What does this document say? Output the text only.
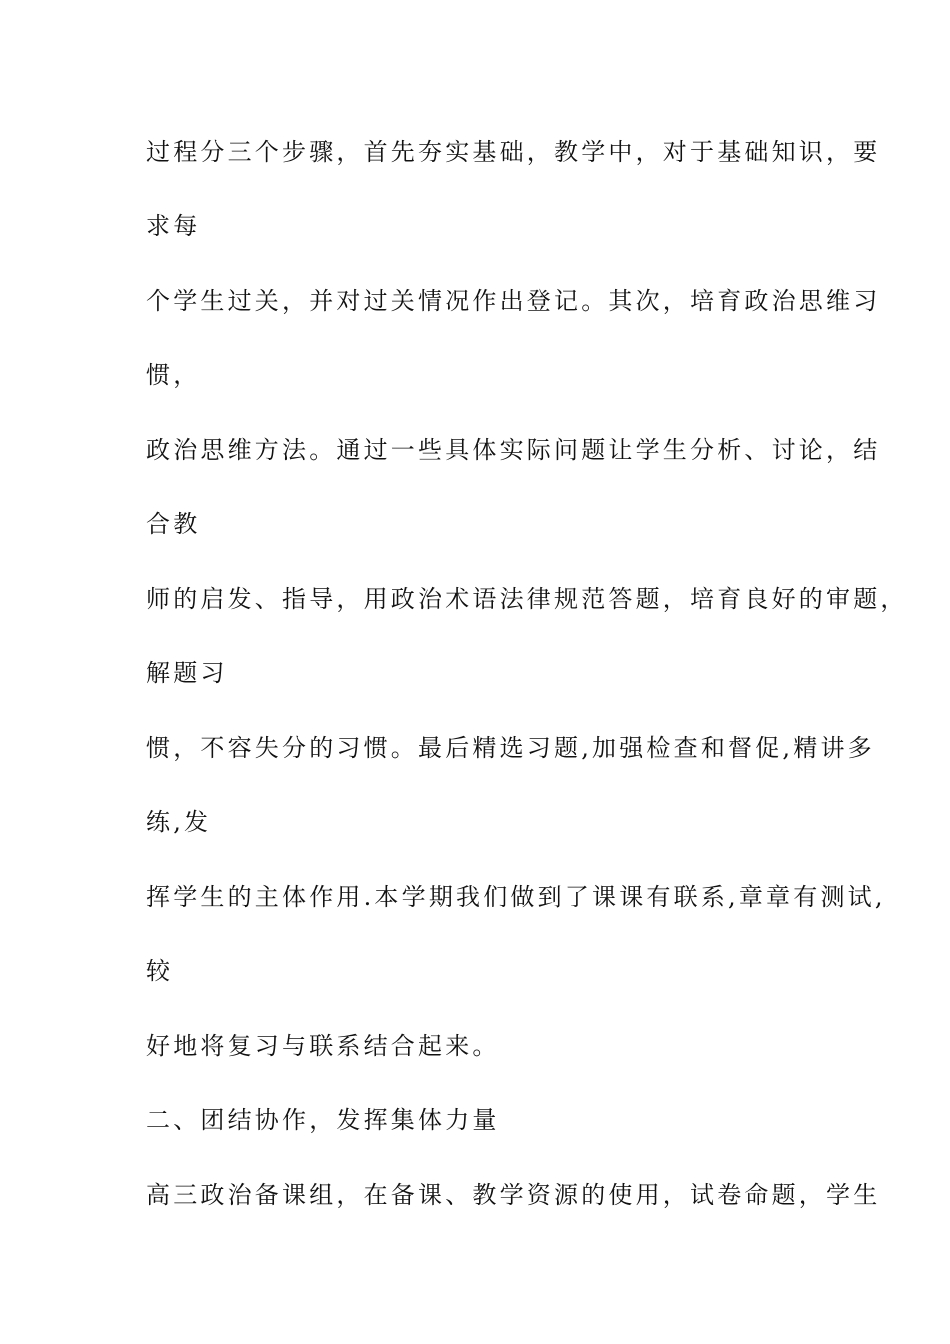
过程分三个步骤，首先夯实基础，教学中，对于基础知识，要

求每

个学生过关，并对过关情况作出登记。其次，培育政治思维习

惯，

政治思维方法。通过一些具体实际问题让学生分析、讨论，结

合教

师的启发、指导，用政治术语法律规范答题，培育良好的审题，

解题习

惯，不容失分的习惯。最后精选习题,加强检查和督促,精讲多

练,发

挥学生的主体作用.本学期我们做到了课课有联系,章章有测试,

较

好地将复习与联系结合起来。

二、团结协作，发挥集体力量

高三政治备课组，在备课、教学资源的使用，试卷命题，学生
